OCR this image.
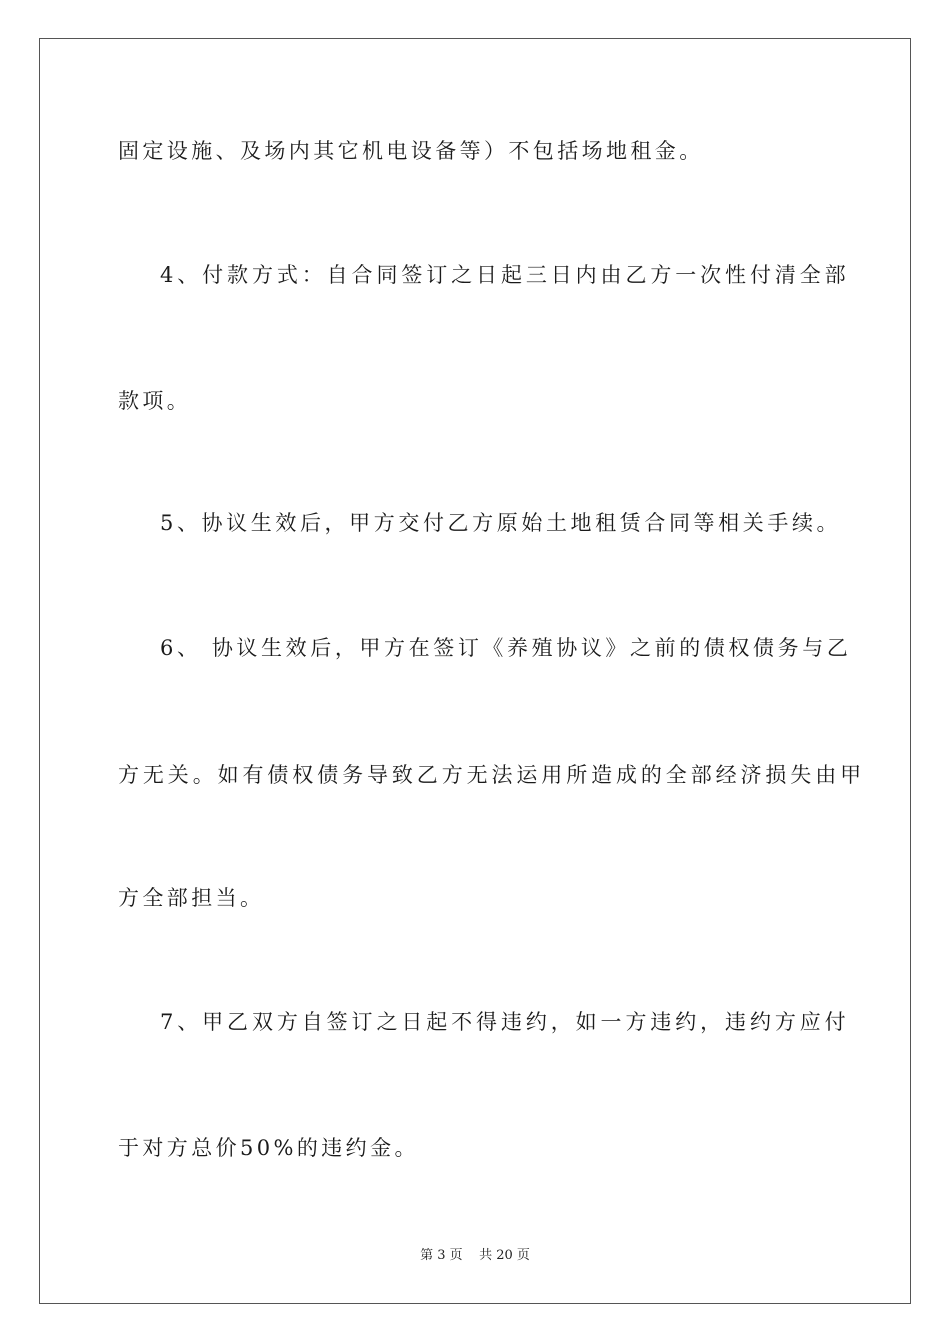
固定设施、及场内其它机电设备等）不包括场地租金。
4、付款方式：自合同签订之日起三日内由乙方一次性付清全部
款项。
5、协议生效后，甲方交付乙方原始土地租赁合同等相关手续。
6、 协议生效后，甲方在签订《养殖协议》之前的债权债务与乙
方无关。如有债权债务导致乙方无法运用所造成的全部经济损失由甲
方全部担当。
7、甲乙双方自签订之日起不得违约，如一方违约，违约方应付
于对方总价50%的违约金。
第 3 页    共 20 页
